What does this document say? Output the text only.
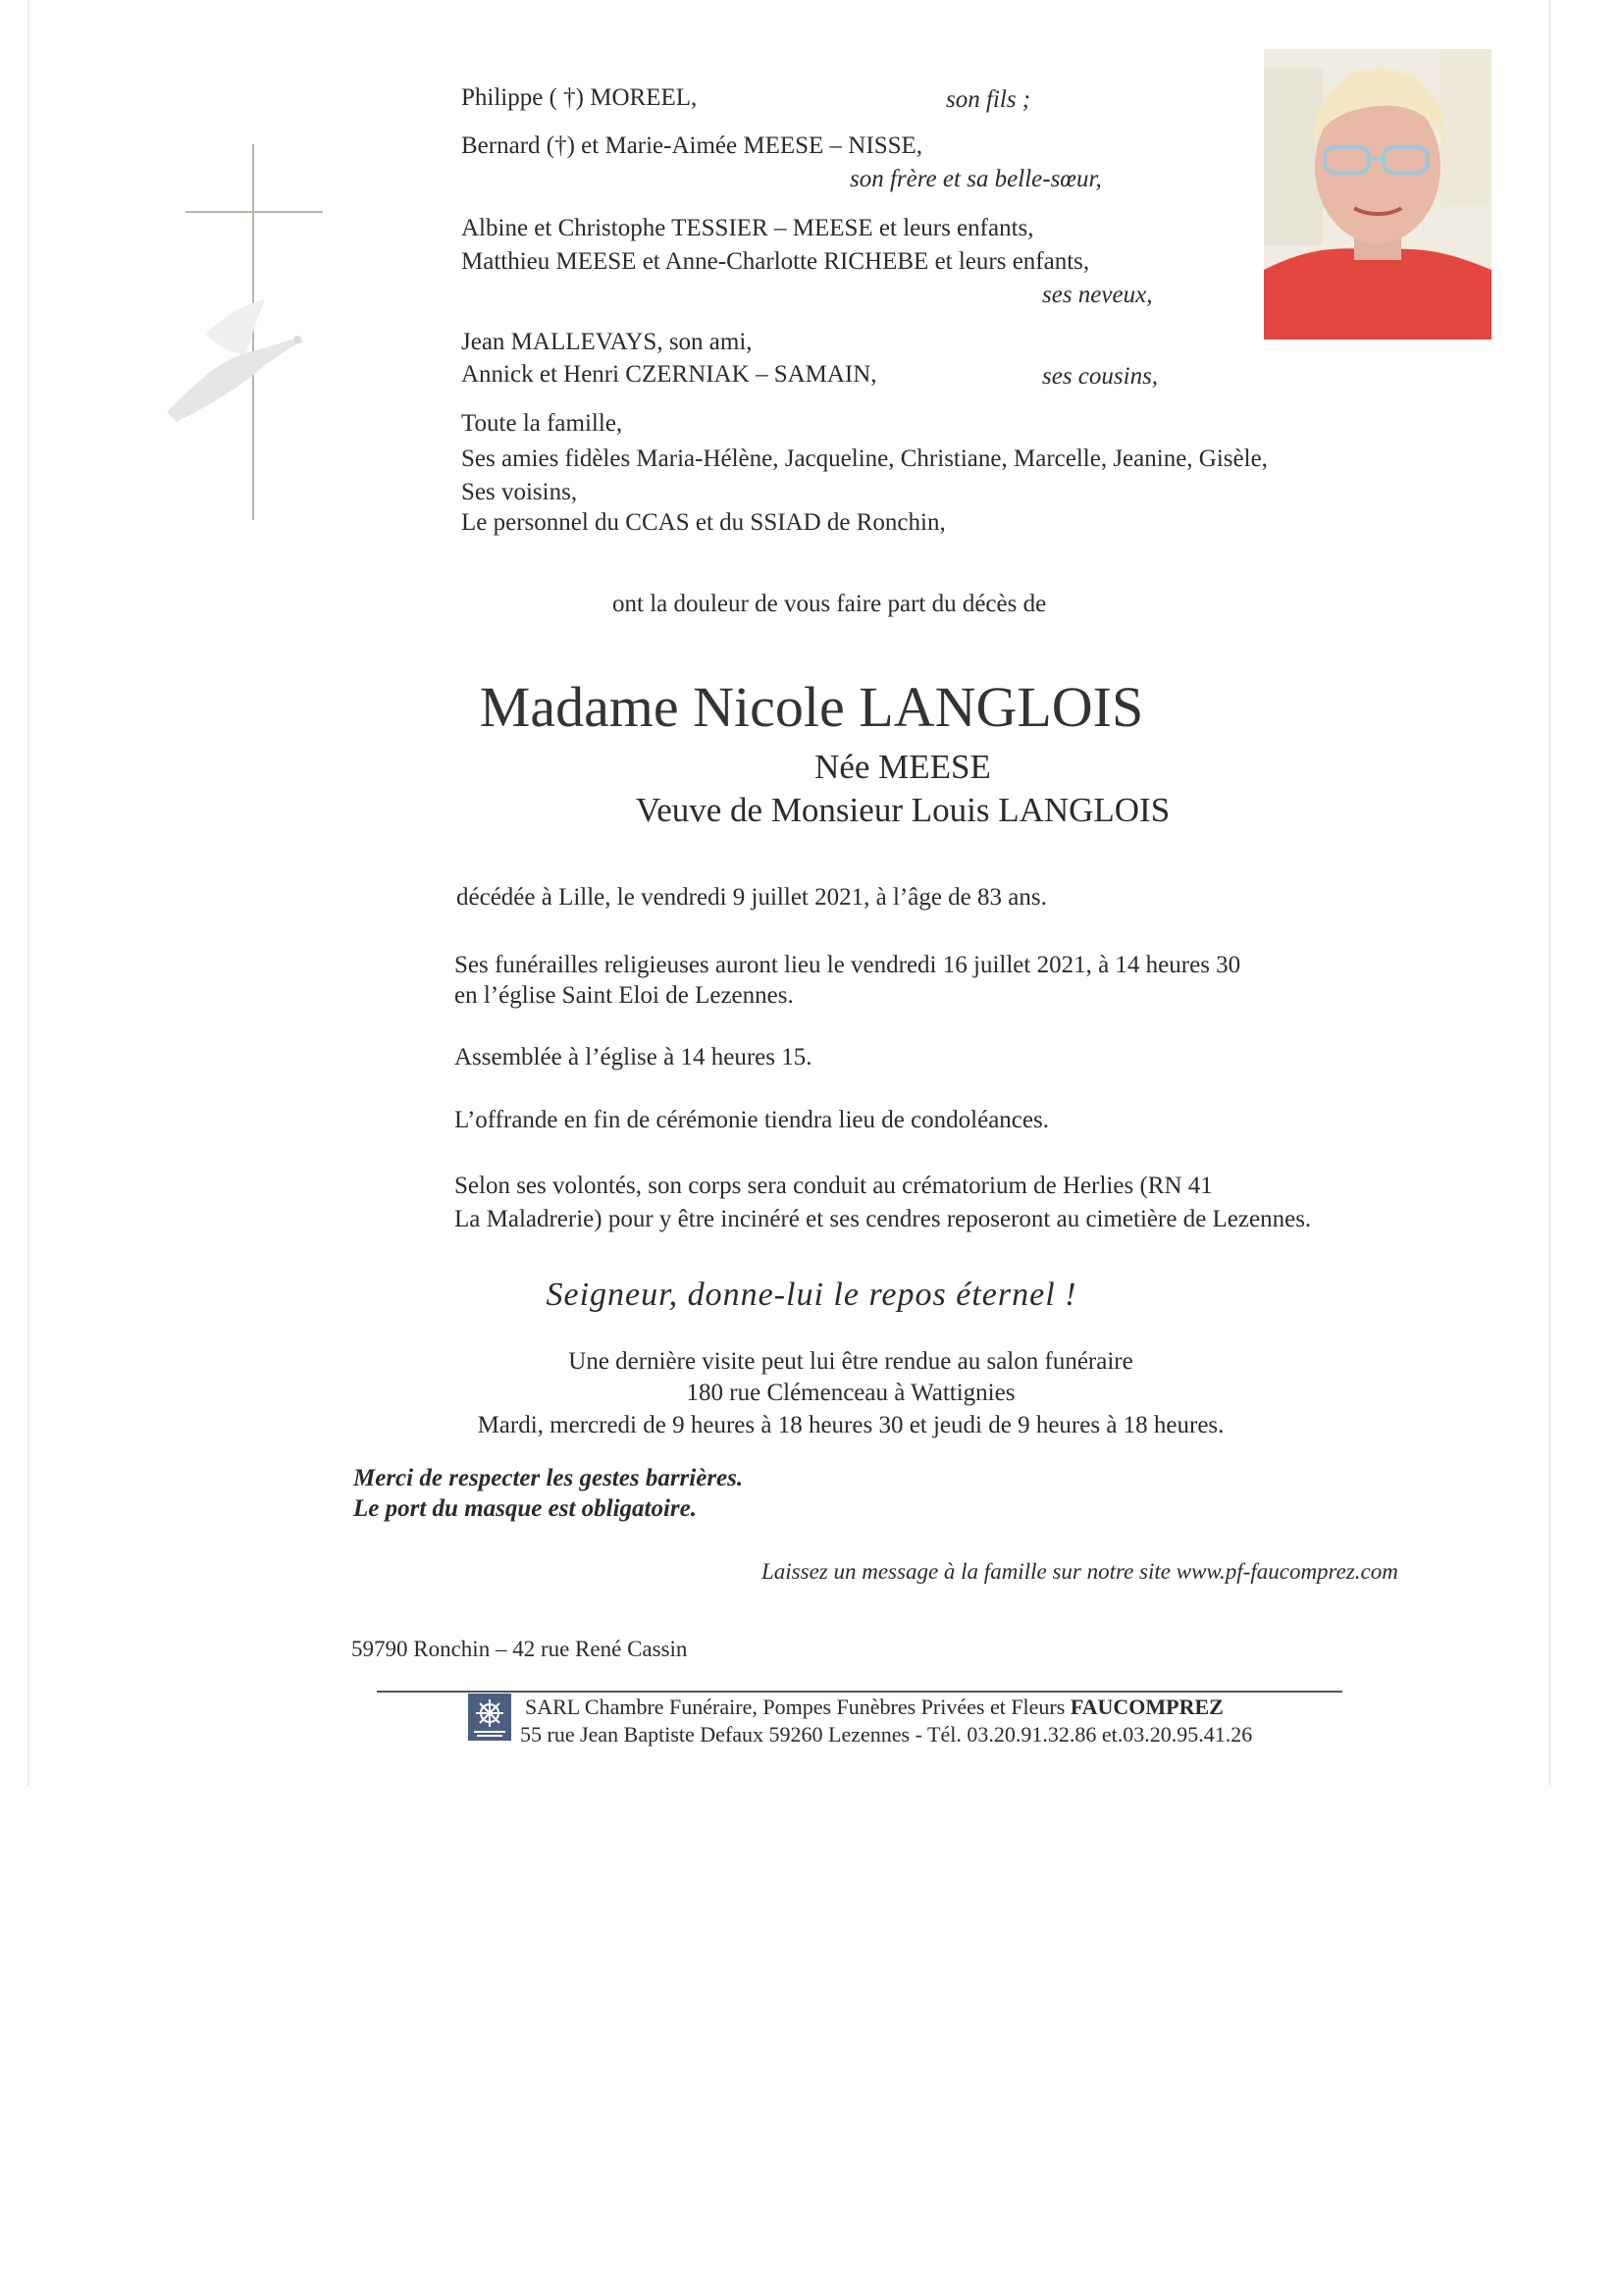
Philippe ( †) MOREEL,	son fils ;
Bernard (†) et Marie-Aimée MEESE – NISSE,
son frère et sa belle-sœur,
Albine et Christophe TESSIER – MEESE et leurs enfants,
Matthieu MEESE et Anne-Charlotte RICHEBE et leurs enfants,
ses neveux,
Jean MALLEVAYS, son ami,
Annick et Henri CZERNIAK – SAMAIN,	ses cousins,
Toute la famille,
Ses amies fidèles Maria-Hélène, Jacqueline, Christiane, Marcelle, Jeanine, Gisèle,
Ses voisins,
Le personnel du CCAS et du SSIAD de Ronchin,
ont la douleur de vous faire part du décès de
Madame Nicole LANGLOIS
Née MEESE
Veuve de Monsieur Louis LANGLOIS
décédée à Lille, le vendredi 9 juillet 2021, à l’âge de 83 ans.
Ses funérailles religieuses auront lieu le vendredi 16 juillet 2021, à 14 heures 30
en l’église Saint Eloi de Lezennes.
Assemblée à l’église à 14 heures 15.
L’offrande en fin de cérémonie tiendra lieu de condoléances.
Selon ses volontés, son corps sera conduit au crématorium de Herlies (RN 41
La Maladrerie) pour y être incinéré et ses cendres reposeront au cimetière de Lezennes.
Seigneur, donne-lui le repos éternel !
Une dernière visite peut lui être rendue au salon funéraire
180 rue Clémenceau à Wattignies
Mardi, mercredi de 9 heures à 18 heures 30 et jeudi de 9 heures à 18 heures.
Merci de respecter les gestes barrières.
Le port du masque est obligatoire.
Laissez un message à la famille sur notre site www.pf-faucomprez.com
59790 Ronchin – 42 rue René Cassin
SARL Chambre Funéraire, Pompes Funèbres Privées et Fleurs FAUCOMPREZ
55 rue Jean Baptiste Defaux 59260 Lezennes - Tél. 03.20.91.32.86 et.03.20.95.41.26
